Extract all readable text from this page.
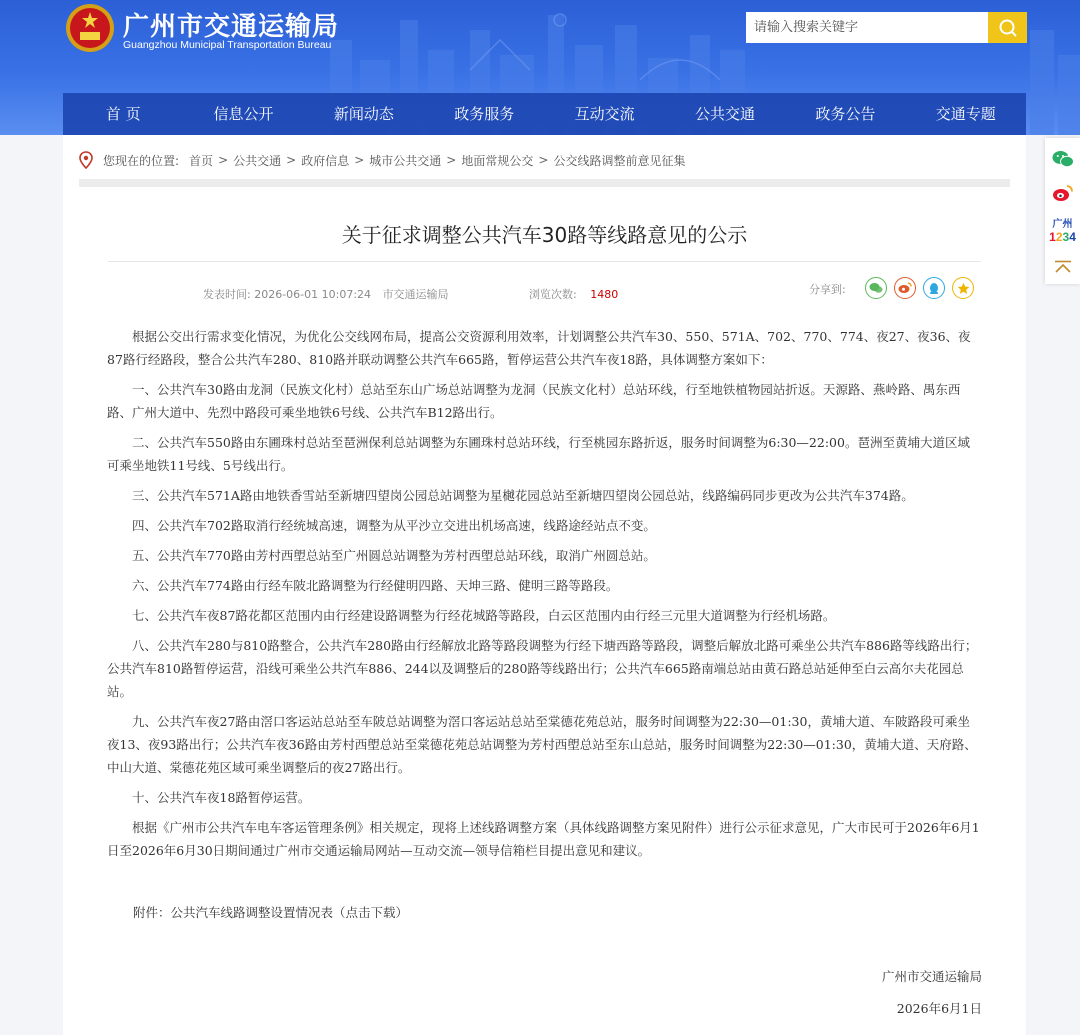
广州市交通运输局
Guangzhou Municipal Transportation Bureau
请输入搜索关键字
首 页	信息公开	新闻动态	政务服务	互动交流	公共交通	政务公告	交通专题
您现在的位置: 首页 > 公共交通 > 政府信息 > 城市公共交通 > 地面常规公交 > 公交线路调整前意见征集
关于征求调整公共汽车30路等线路意见的公示
发表时间: 2026-06-01 10:07:24 市交通运输局	浏览次数: 1480	分享到:

根据公交出行需求变化情况，为优化公交线网布局，提高公交资源利用效率，计划调整公共汽车30、550、571A、702、770、774、夜27、夜36、夜87路行经路段，整合公共汽车280、810路并联动调整公共汽车665路，暂停运营公共汽车夜18路，具体调整方案如下：

一、公共汽车30路由龙洞（民族文化村）总站至东山广场总站调整为龙洞（民族文化村）总站环线，行至地铁植物园站折返。天源路、燕岭路、禺东西路、广州大道中、先烈中路段可乘坐地铁6号线、公共汽车B12路出行。

二、公共汽车550路由东圃珠村总站至琶洲保利总站调整为东圃珠村总站环线，行至桃园东路折返，服务时间调整为6:30—22:00。琶洲至黄埔大道区域可乘坐地铁11号线、5号线出行。

三、公共汽车571A路由地铁香雪站至新塘四望岗公园总站调整为星樾花园总站至新塘四望岗公园总站，线路编码同步更改为公共汽车374路。

四、公共汽车702路取消行经统城高速，调整为从平沙立交进出机场高速，线路途经站点不变。

五、公共汽车770路由芳村西塱总站至广州圆总站调整为芳村西塱总站环线，取消广州圆总站。

六、公共汽车774路由行经车陂北路调整为行经健明四路、天坤三路、健明三路等路段。

七、公共汽车夜87路花都区范围内由行经建设路调整为行经花城路等路段，白云区范围内由行经三元里大道调整为行经机场路。

八、公共汽车280与810路整合，公共汽车280路由行经解放北路等路段调整为行经下塘西路等路段，调整后解放北路可乘坐公共汽车886路等线路出行；公共汽车810路暂停运营，沿线可乘坐公共汽车886、244以及调整后的280路等线路出行；公共汽车665路南端总站由黄石路总站延伸至白云高尔夫花园总站。

九、公共汽车夜27路由滘口客运站总站至车陂总站调整为滘口客运站总站至棠德花苑总站，服务时间调整为22:30—01:30，黄埔大道、车陂路段可乘坐夜13、夜93路出行；公共汽车夜36路由芳村西塱总站至棠德花苑总站调整为芳村西塱总站至东山总站，服务时间调整为22:30—01:30，黄埔大道、天府路、中山大道、棠德花苑区域可乘坐调整后的夜27路出行。

十、公共汽车夜18路暂停运营。

根据《广州市公共汽车电车客运管理条例》相关规定，现将上述线路调整方案（具体线路调整方案见附件）进行公示征求意见，广大市民可于2026年6月1日至2026年6月30日期间通过广州市交通运输局网站—互动交流—领导信箱栏目提出意见和建议。

附件：公共汽车线路调整设置情况表（点击下载）
广州市交通运输局
2026年6月1日
广州
1234
